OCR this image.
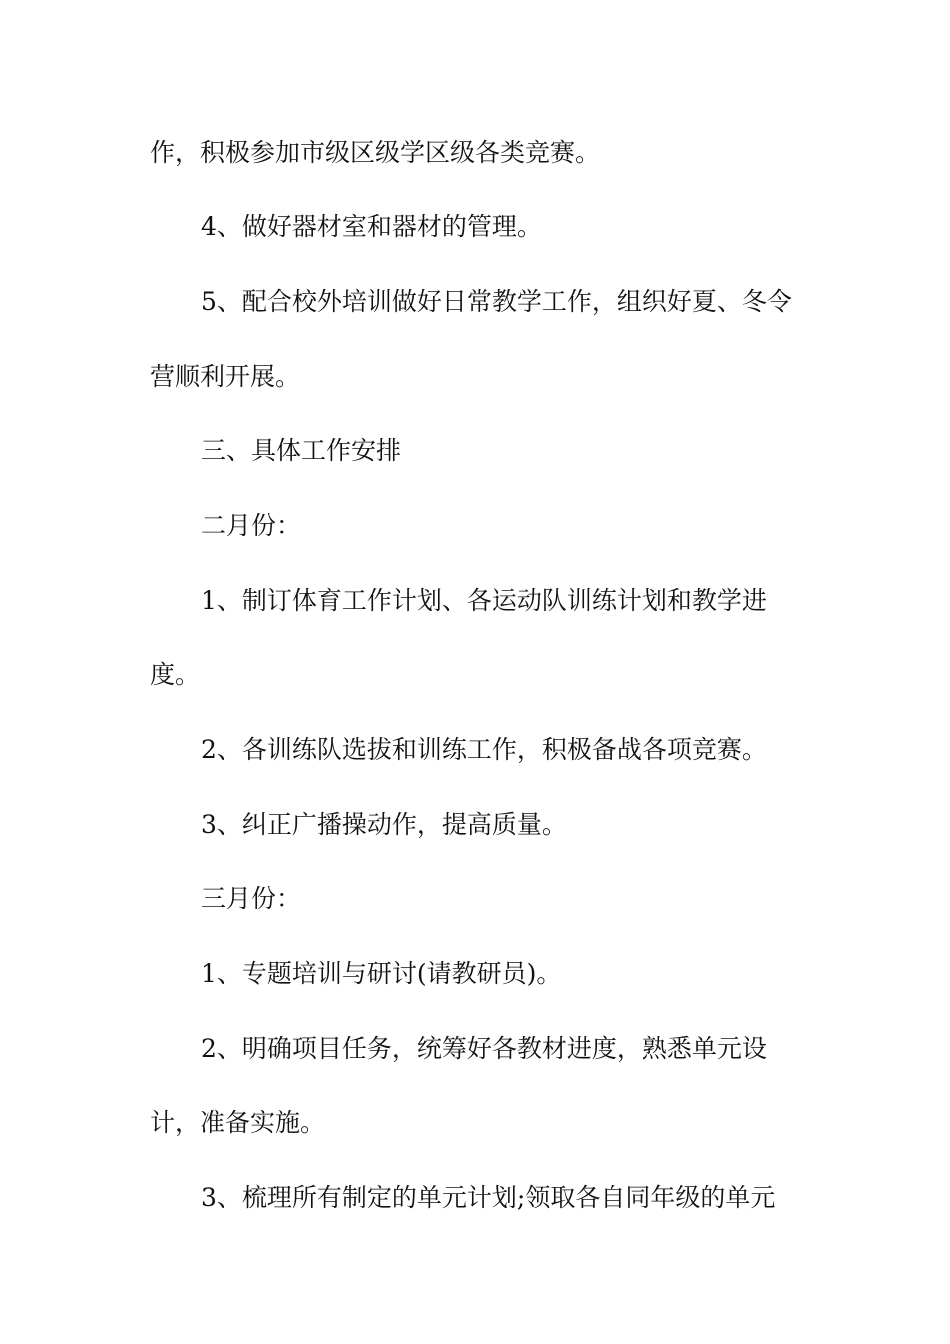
作，积极参加市级区级学区级各类竞赛。

4、做好器材室和器材的管理。

5、配合校外培训做好日常教学工作，组织好夏、冬令

营顺利开展。

三、具体工作安排

二月份：

1、制订体育工作计划、各运动队训练计划和教学进

度。

2、各训练队选拔和训练工作，积极备战各项竞赛。

3、纠正广播操动作，提高质量。

三月份：

1、专题培训与研讨(请教研员)。

2、明确项目任务，统筹好各教材进度，熟悉单元设

计，准备实施。

3、梳理所有制定的单元计划;领取各自同年级的单元
